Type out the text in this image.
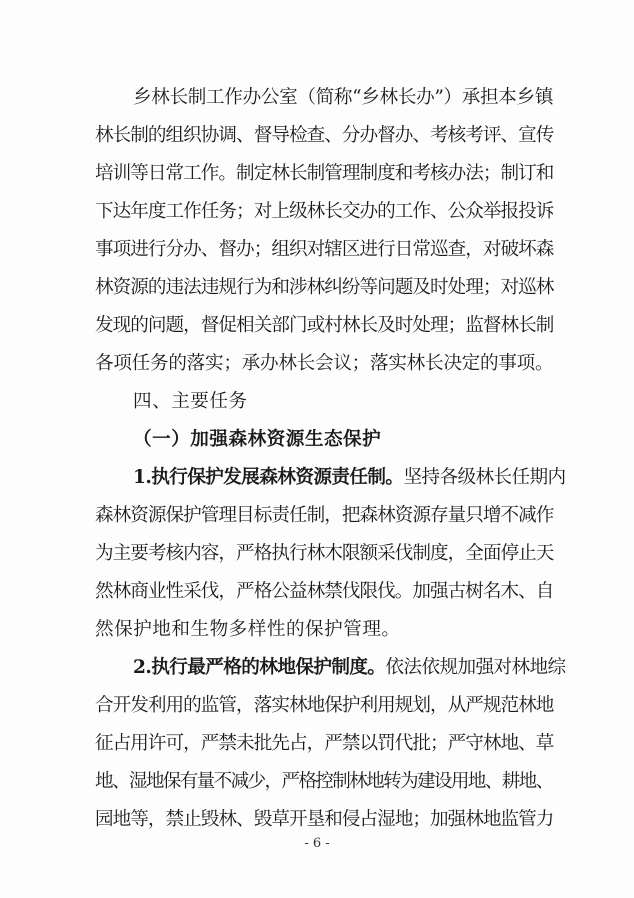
乡林长制工作办公室（简称“乡林长办”）承担本乡镇
林长制的组织协调、督导检查、分办督办、考核考评、宣传
培训等日常工作。制定林长制管理制度和考核办法；制订和
下达年度工作任务；对上级林长交办的工作、公众举报投诉
事项进行分办、督办；组织对辖区进行日常巡查，对破坏森
林资源的违法违规行为和涉林纠纷等问题及时处理；对巡林
发现的问题，督促相关部门或村林长及时处理；监督林长制
各项任务的落实；承办林长会议；落实林长决定的事项。
四、主要任务
（一）加强森林资源生态保护
1.执行保护发展森林资源责任制。坚持各级林长任期内
森林资源保护管理目标责任制，把森林资源存量只增不减作
为主要考核内容，严格执行林木限额采伐制度，全面停止天
然林商业性采伐，严格公益林禁伐限伐。加强古树名木、自
然保护地和生物多样性的保护管理。
2.执行最严格的林地保护制度。依法依规加强对林地综
合开发利用的监管，落实林地保护利用规划，从严规范林地
征占用许可，严禁未批先占，严禁以罚代批；严守林地、草
地、湿地保有量不减少，严格控制林地转为建设用地、耕地、
园地等，禁止毁林、毁草开垦和侵占湿地；加强林地监管力
- 6 -
